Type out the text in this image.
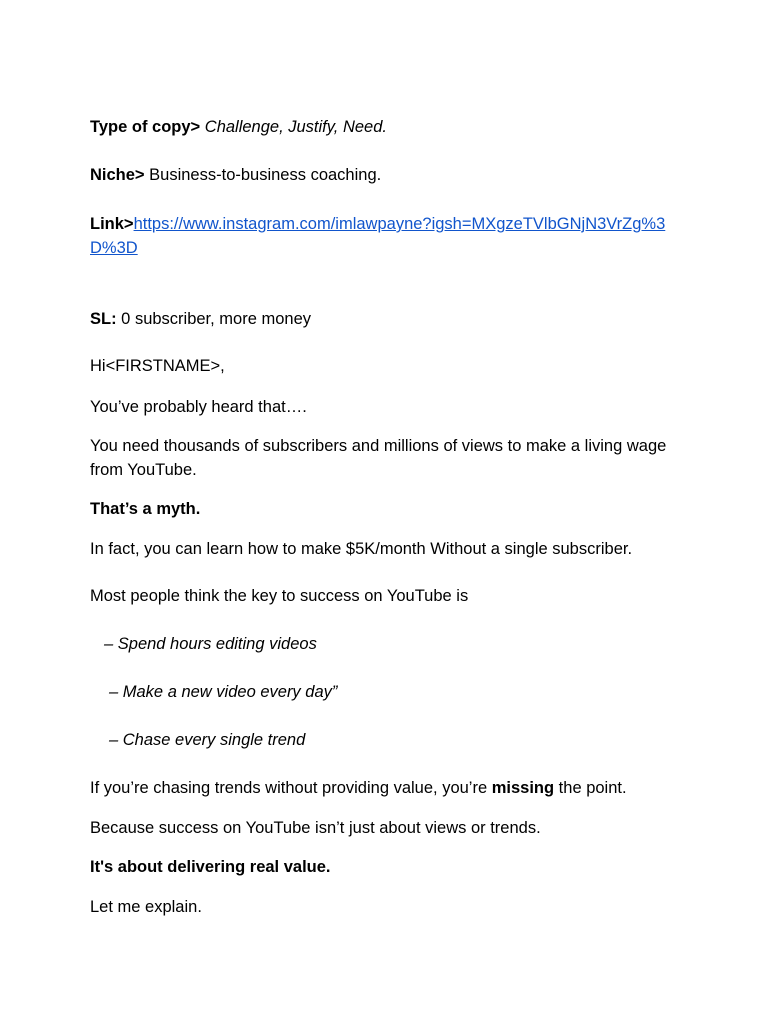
Type of copy> Challenge, Justify, Need.
Niche> Business-to-business coaching.
Link>https://www.instagram.com/imlawpayne?igsh=MXgzeTVlbGNjN3VrZg%3D%3D
SL: 0 subscriber, more money
Hi<FIRSTNAME>,
You’ve probably heard that….
You need thousands of subscribers and millions of views to make a living wage from YouTube.
That’s a myth.
In fact, you can learn how to make $5K/month Without a single subscriber.
Most people think the key to success on YouTube is
– Spend hours editing videos
– Make a new video every day”
– Chase every single trend
If you’re chasing trends without providing value, you’re missing the point.
Because success on YouTube isn’t just about views or trends.
It's about delivering real value.
Let me explain.
